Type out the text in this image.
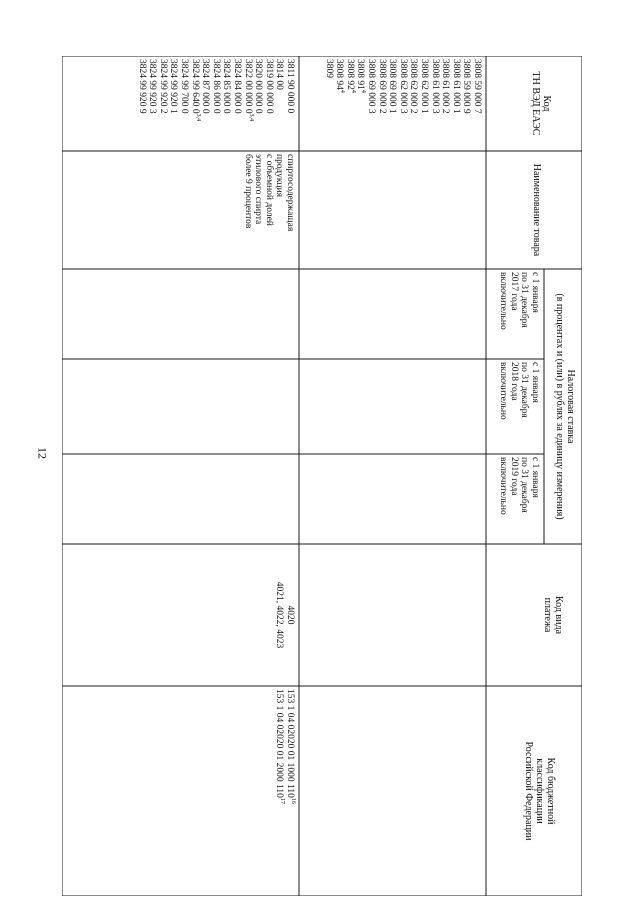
12
Код
ТН ВЭД ЕАЭС
Наименование товара
Налоговая ставка
(в процентах и (или) в рублях за единицу измерения)
с 1 января
по 31 декабря
2017 года
включительно
с 1 января
по 31 декабря
2018 года
включительно
с 1 января
по 31 декабря
2019 года
включительно
Код вида
платежа
Код бюджетной
классификации
Российской Федерации
3808 59 000 7
3808 59 000 9
3808 61 000 1
3808 61 000 2
3808 61 000 3
3808 62 000 1
3808 62 000 2
3808 62 000 3
3808 69 000 1
3808 69 000 2
3808 69 000 3
3808 $91^4$
3808 $92^4$
3808 $94^4$
3809
3811 90 000 0
3814 00
3819 00 000 0
3820 00 000 0
3822 00 000 0$^{3,4}$
3824 84 000 0
3824 85 000 0
3824 86 000 0
3824 87 000 0
3824 99 640 0$^{3,4}$
3824 99 700 0
3824 99 920 1
3824 99 920 2
3824 99 920 3
3824 99 920 9
спиртосодержащая продукция
с объемной долей этилового спирта
более 9 процентов
4020
4021, 4022, 4023
153 1 04 02020 01 1000 $110^{16}$
153 1 04 02020 01 2000 $110^{17}$
